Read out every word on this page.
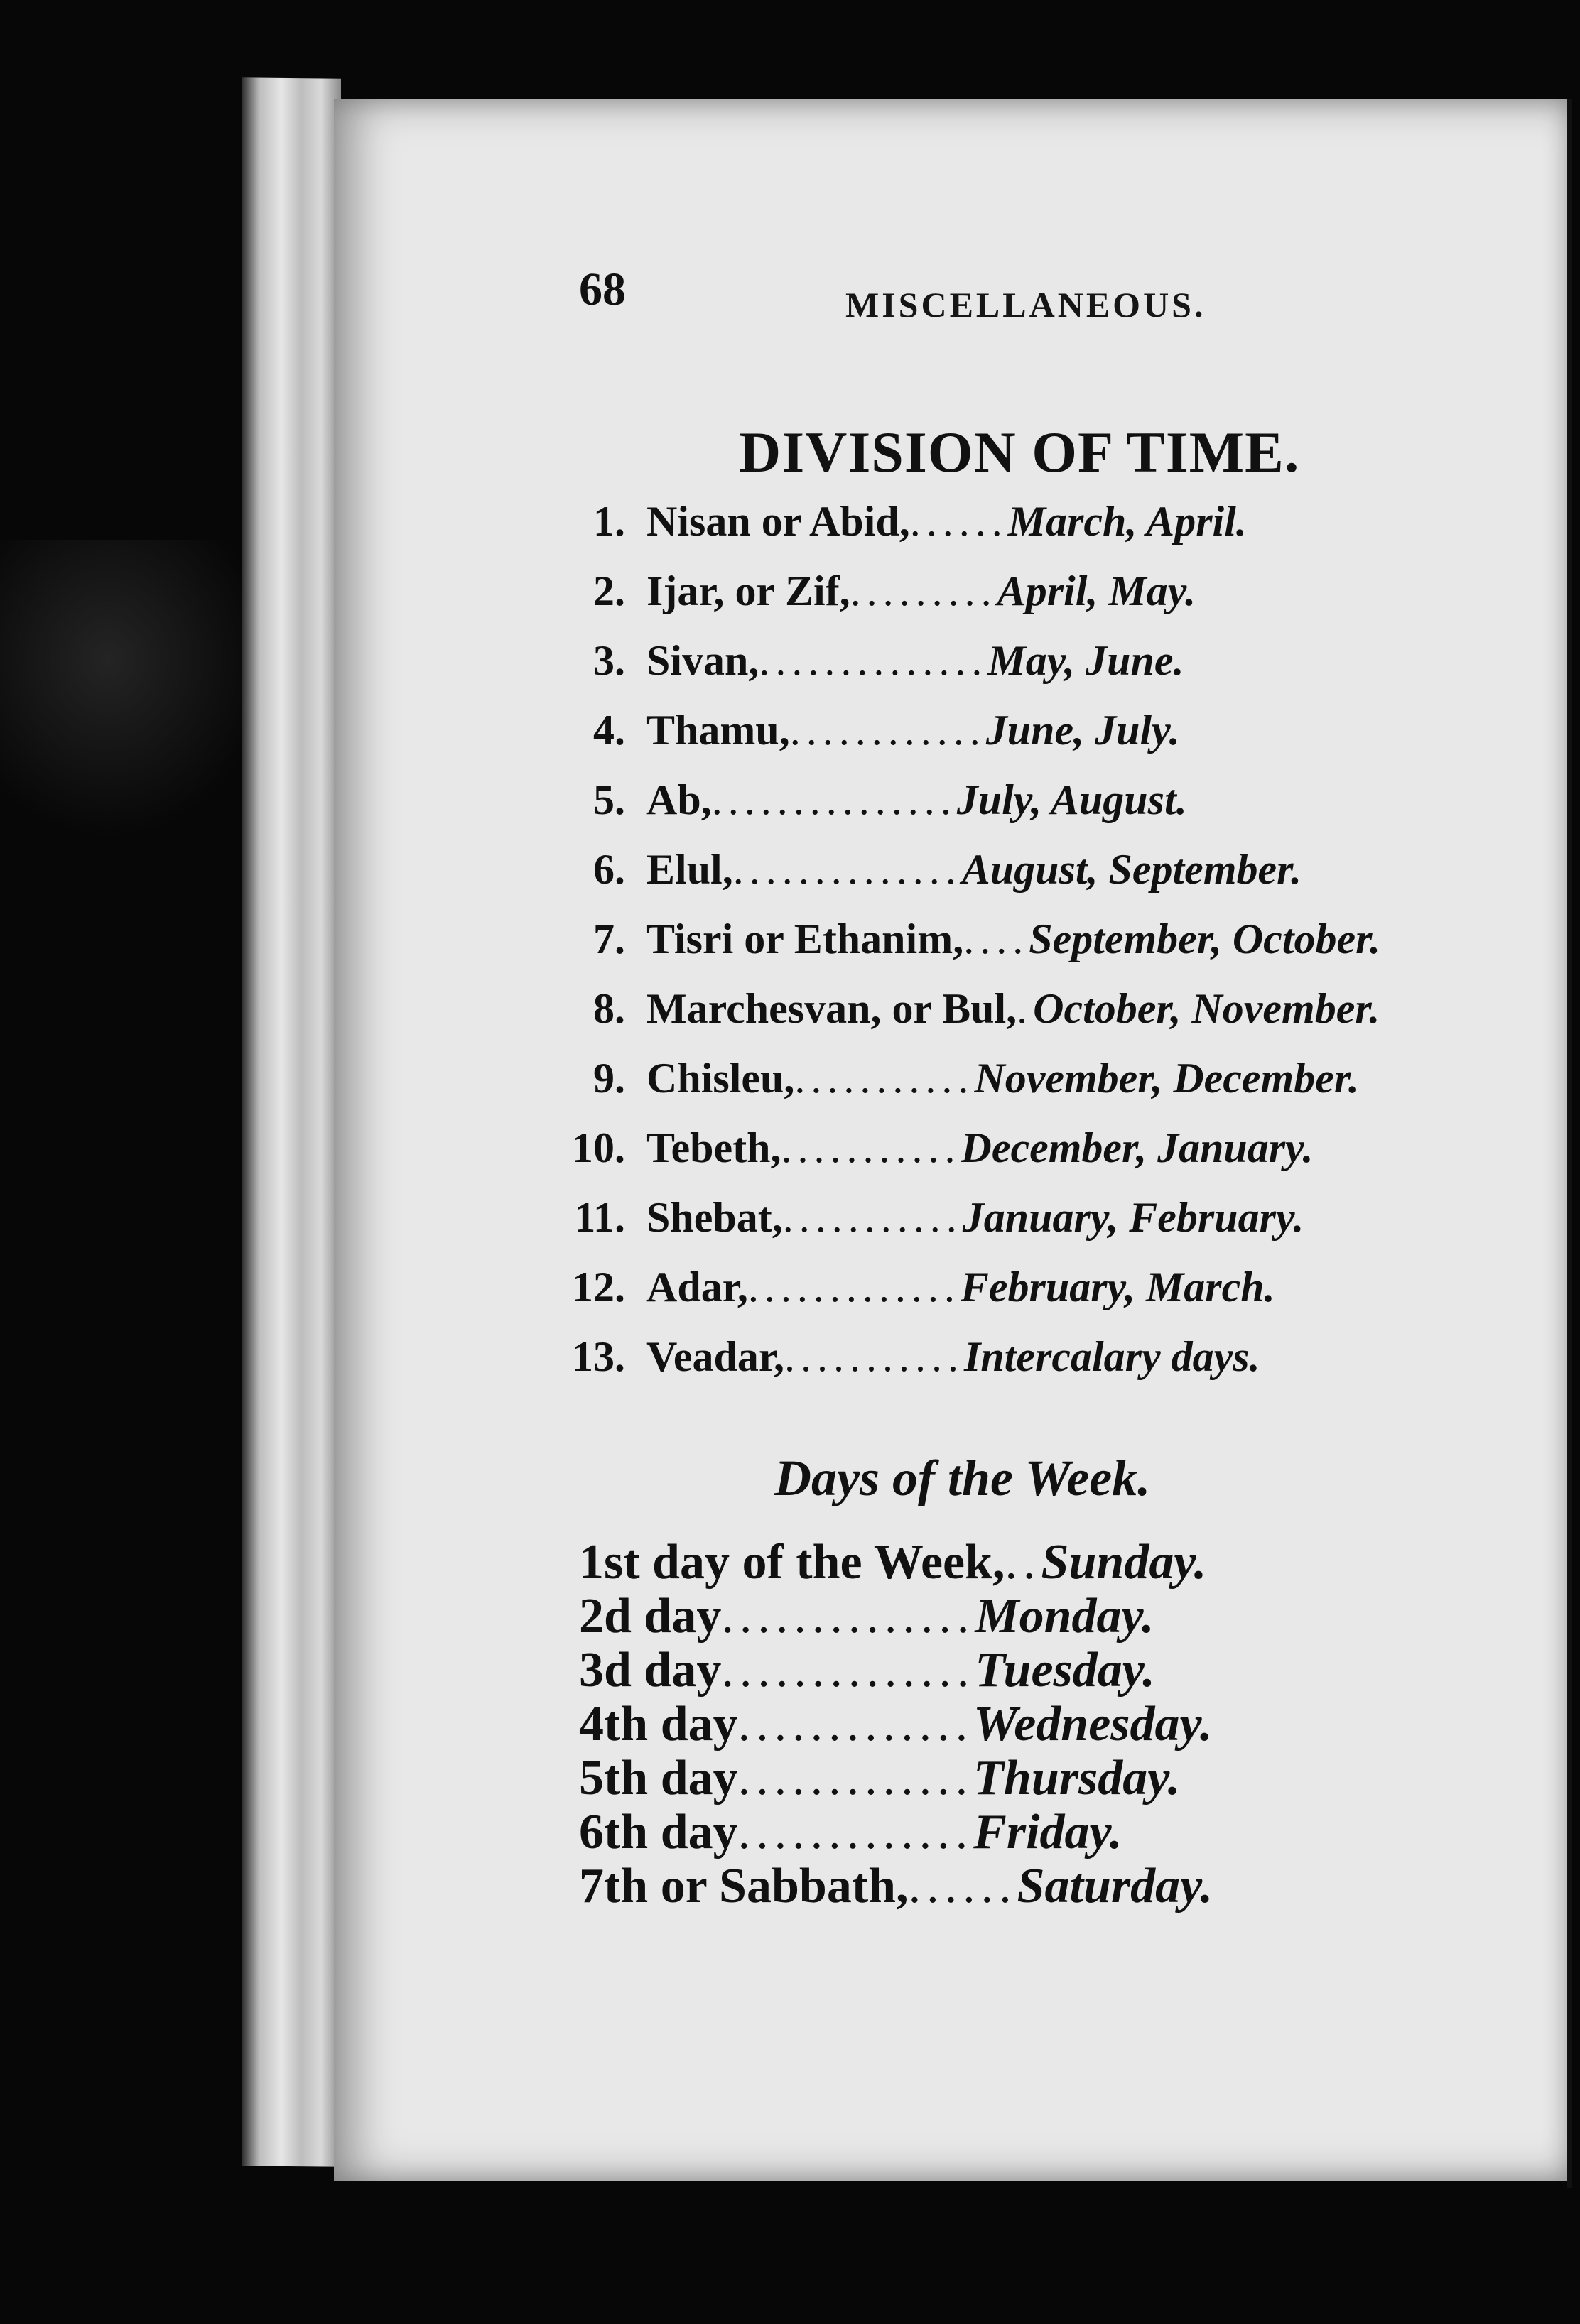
68	MISCELLANEOUS.
DIVISION OF TIME.
1. Nisan or Abid, ...... March, April.
2. Ijar, or Zif, ......... April, May.
3. Sivan, .............. May, June.
4. Thamu, ............ June, July.
5. Ab, ............... July, August.
6. Elul, .............. August, September.
7. Tisri or Ethanim, .... September, October.
8. Marchesvan, or Bul, . October, November.
9. Chisleu, ........... November, December.
10. Tebeth, ........... December, January.
11. Shebat, ........... January, February.
12. Adar, ............. February, March.
13. Veadar, ........... Intercalary days.
Days of the Week.
1st day of the Week, .. Sunday.
2d day .............. Monday.
3d day .............. Tuesday.
4th day ............. Wednesday.
5th day ............. Thursday.
6th day ............. Friday.
7th or Sabbath, ...... Saturday.
